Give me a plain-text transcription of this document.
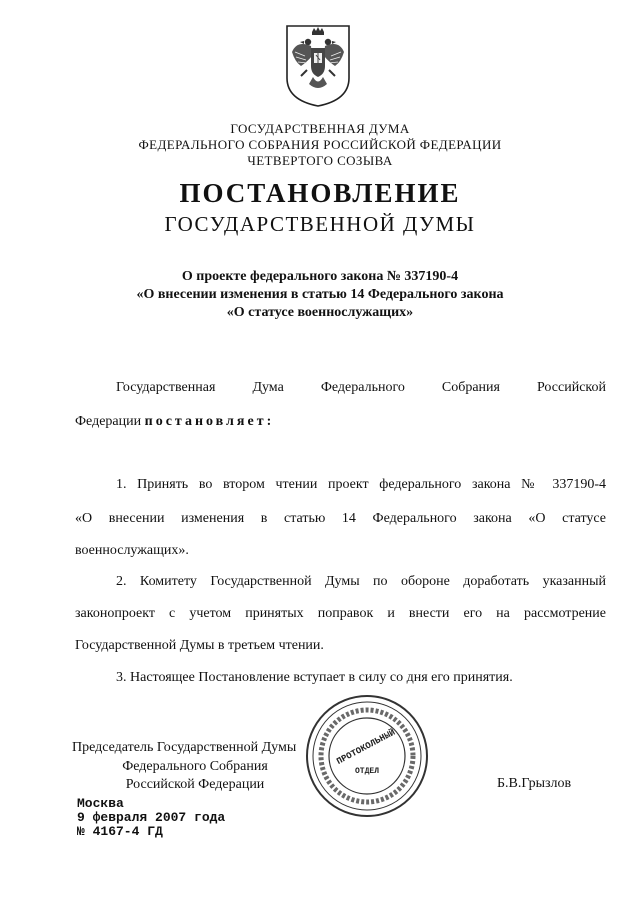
ГОСУДАРСТВЕННАЯ ДУМА
ФЕДЕРАЛЬНОГО СОБРАНИЯ РОССИЙСКОЙ ФЕДЕРАЦИИ
ЧЕТВЕРТОГО СОЗЫВА
ПОСТАНОВЛЕНИЕ
ГОСУДАРСТВЕННОЙ ДУМЫ
О проекте федерального закона № 337190-4
«О внесении изменения в статью 14 Федерального закона
«О статусе военнослужащих»
Государственная Дума Федерального Собрания Российской
Федерации постановляет:
1. Принять во втором чтении проект федерального закона № 337190-4
«О внесении изменения в статью 14 Федерального закона «О статусе
военнослужащих».
2. Комитету Государственной Думы по обороне доработать указанный
законопроект с учетом принятых поправок и внести его на рассмотрение
Государственной Думы в третьем чтении.
3. Настоящее Постановление вступает в силу со дня его принятия.
Председатель Государственной Думы
Федерального Собрания
Российской Федерации	Б.В.Грызлов
ПРОТОКОЛЬНЫЙ
ОТДЕЛ
Москва
9 февраля 2007 года
№ 4167-4 ГД
